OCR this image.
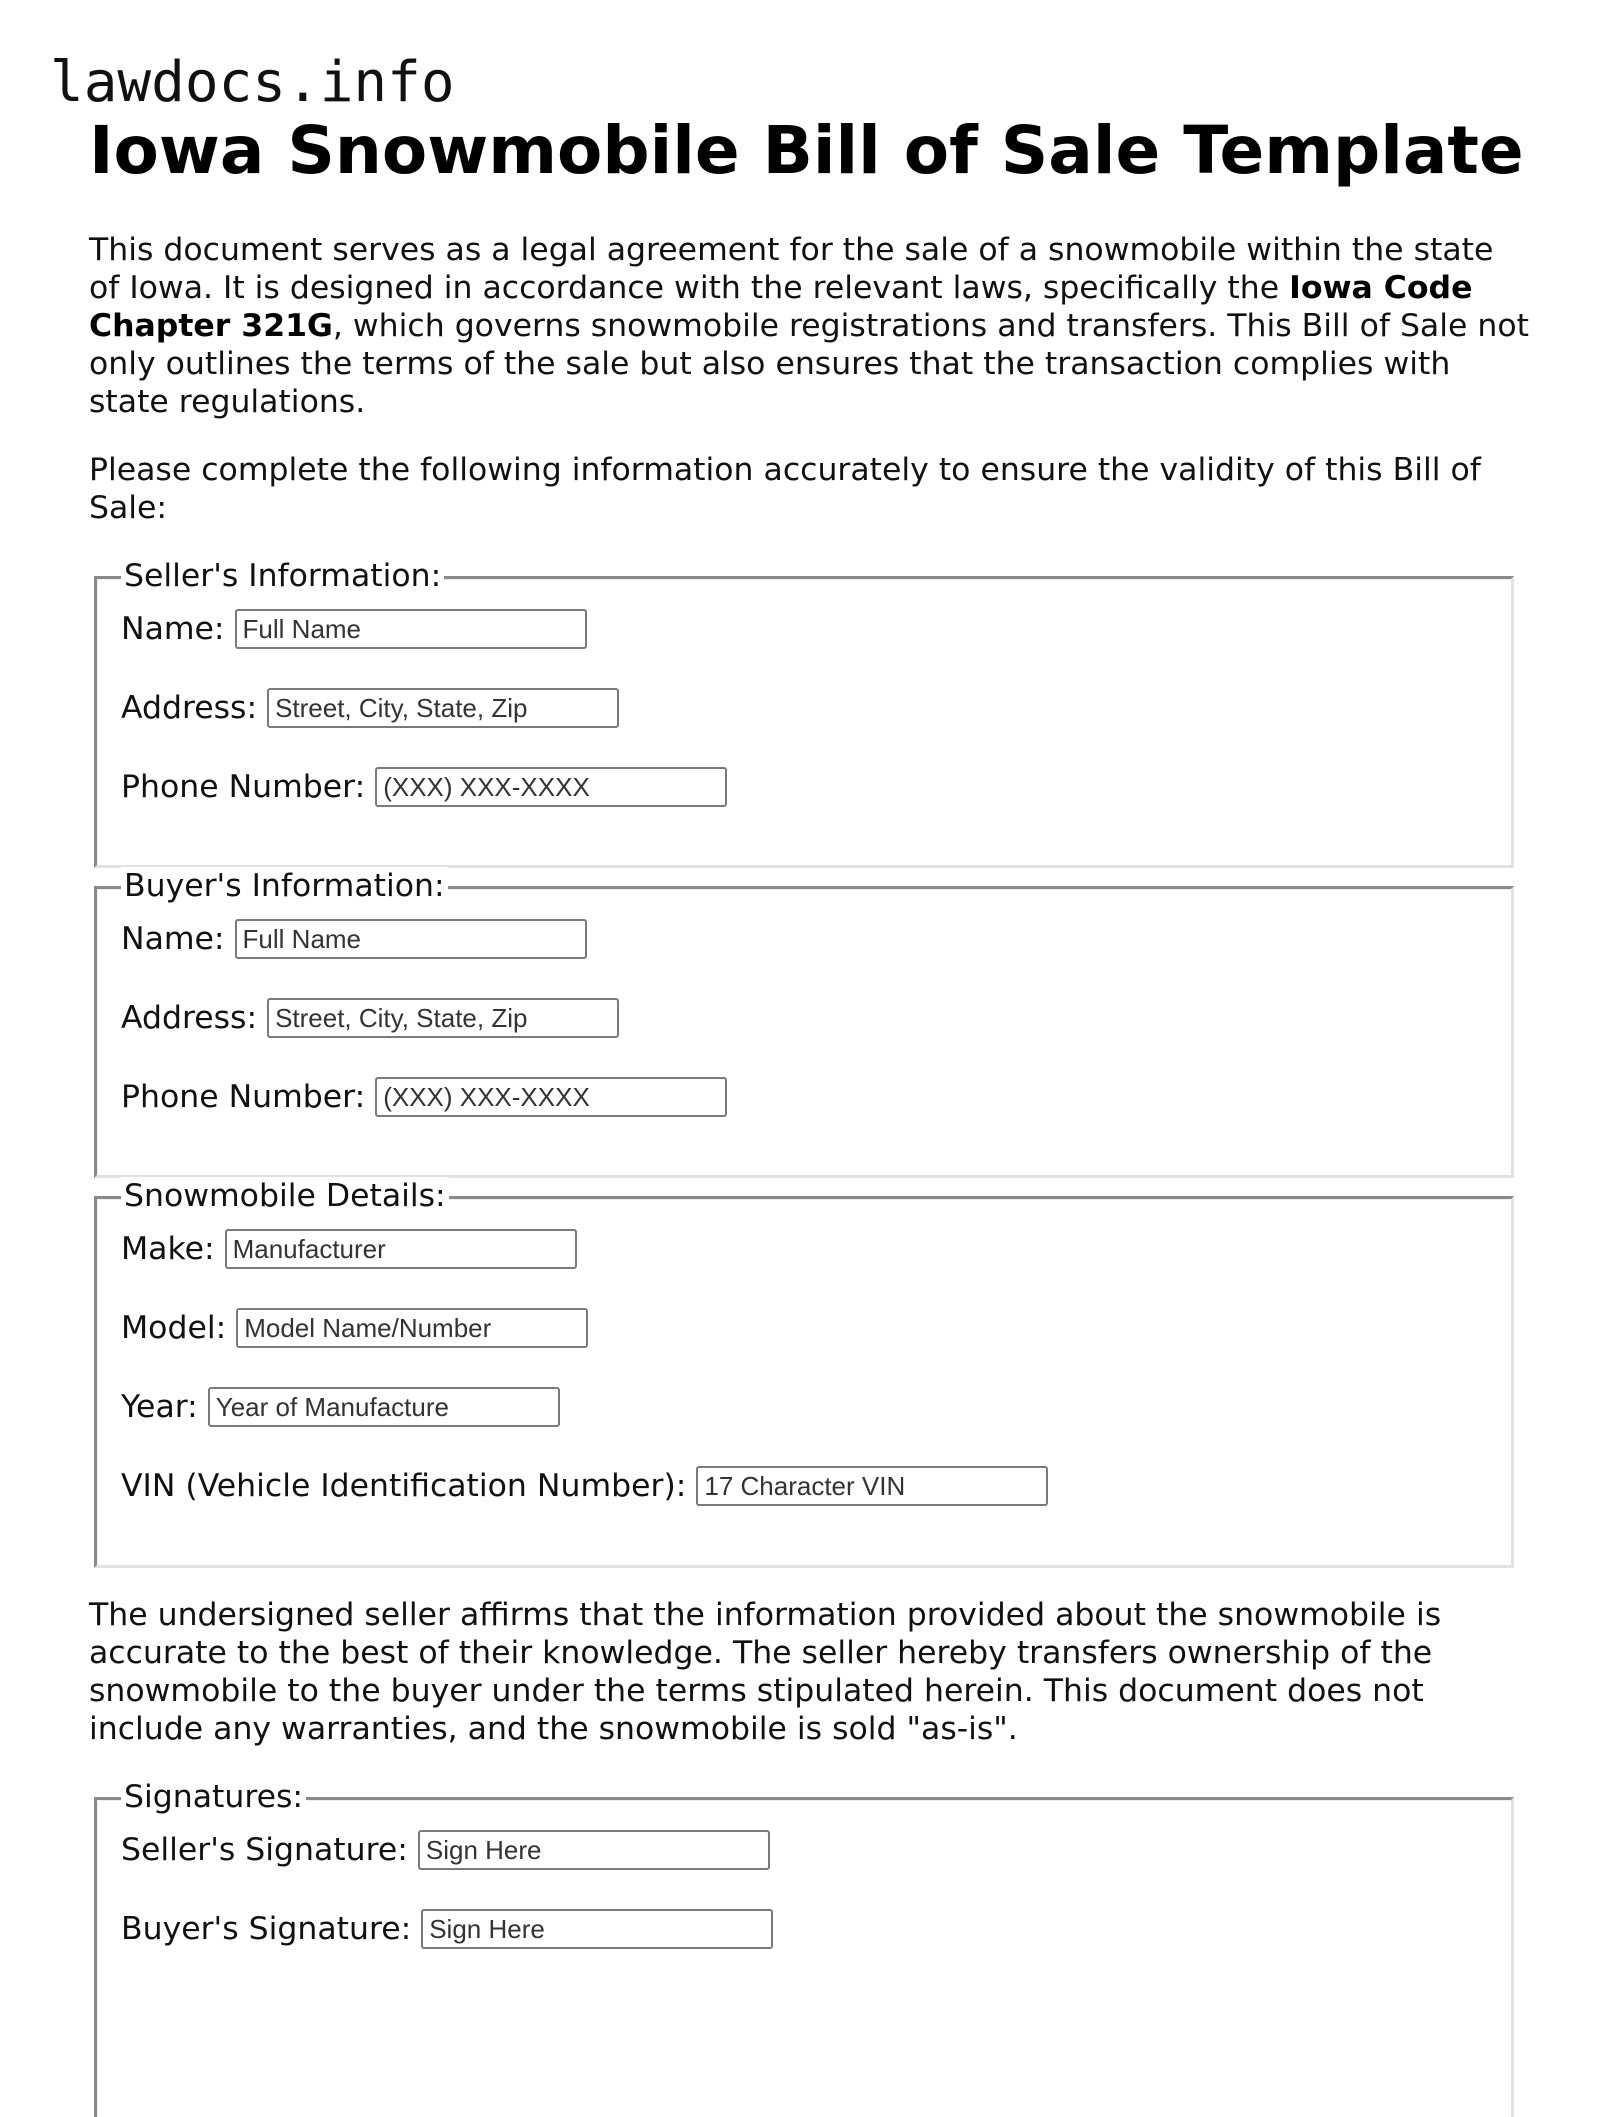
lawdocs.info
Iowa Snowmobile Bill of Sale Template

This document serves as a legal agreement for the sale of a snowmobile within the state of Iowa. It is designed in accordance with the relevant laws, specifically the Iowa Code Chapter 321G, which governs snowmobile registrations and transfers. This Bill of Sale not only outlines the terms of the sale but also ensures that the transaction complies with state regulations.

Please complete the following information accurately to ensure the validity of this Bill of Sale:

Seller's Information:
Name:
Full Name
Address:
Street, City, State, Zip
Phone Number:
(XXX) XXX-XXXX
Buyer's Information:
Name:
Full Name
Address:
Street, City, State, Zip
Phone Number:
(XXX) XXX-XXXX
Snowmobile Details:
Make:
Manufacturer
Model:
Model Name/Number
Year:
Year of Manufacture
VIN (Vehicle Identification Number):
17 Character VIN

The undersigned seller affirms that the information provided about the snowmobile is accurate to the best of their knowledge. The seller hereby transfers ownership of the snowmobile to the buyer under the terms stipulated herein. This document does not include any warranties, and the snowmobile is sold "as-is".

Signatures:
Seller's Signature:
Sign Here
Buyer's Signature:
Sign Here
